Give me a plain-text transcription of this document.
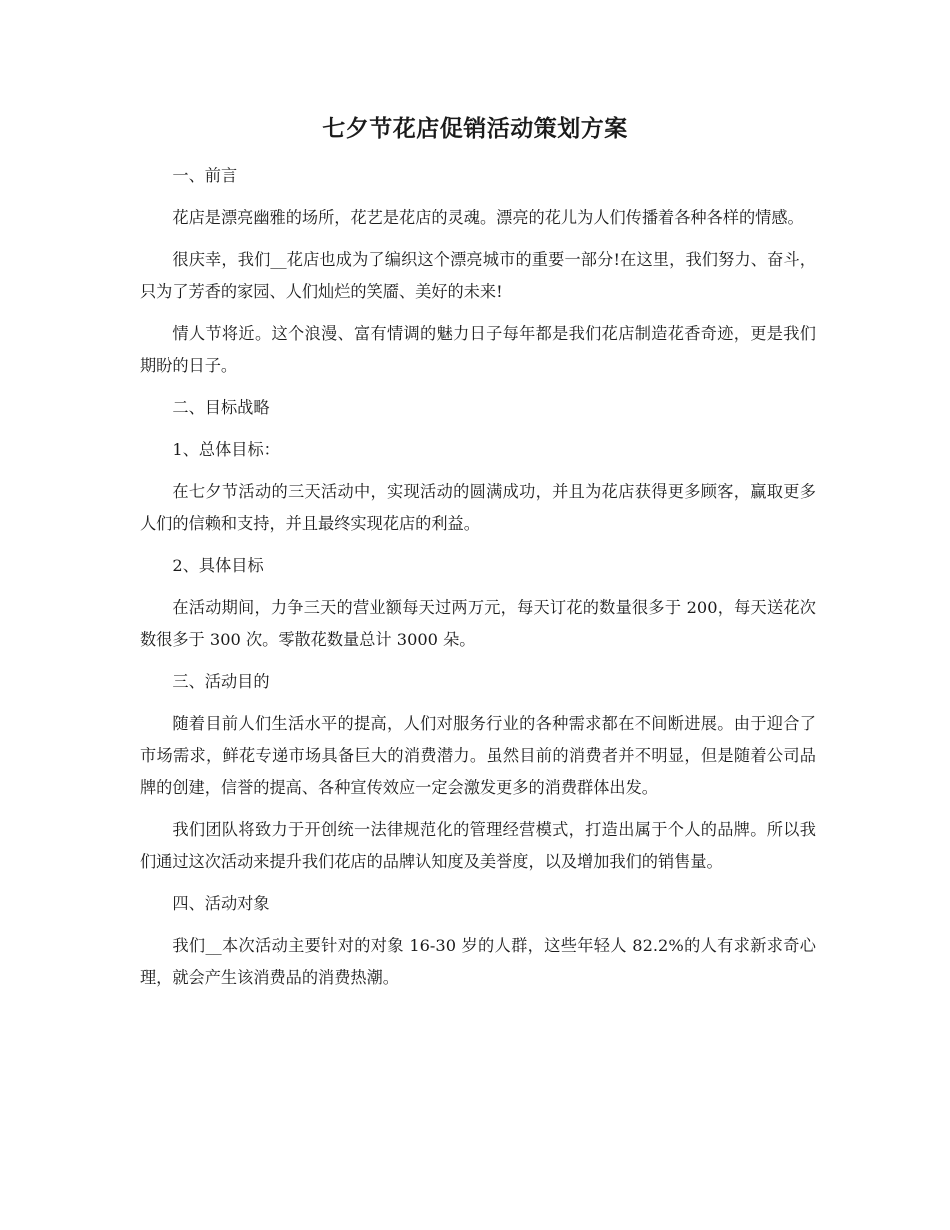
七夕节花店促销活动策划方案
一、前言
花店是漂亮幽雅的场所，花艺是花店的灵魂。漂亮的花儿为人们传播着各种各样的情感。
很庆幸，我们__花店也成为了编织这个漂亮城市的重要一部分!在这里，我们努力、奋斗，只为了芳香的家园、人们灿烂的笑靥、美好的未来!
情人节将近。这个浪漫、富有情调的魅力日子每年都是我们花店制造花香奇迹，更是我们期盼的日子。
二、目标战略
1、总体目标：
在七夕节活动的三天活动中，实现活动的圆满成功，并且为花店获得更多顾客，赢取更多人们的信赖和支持，并且最终实现花店的利益。
2、具体目标
在活动期间，力争三天的营业额每天过两万元，每天订花的数量很多于 200，每天送花次数很多于 300 次。零散花数量总计 3000 朵。
三、活动目的
随着目前人们生活水平的提高，人们对服务行业的各种需求都在不间断进展。由于迎合了市场需求，鲜花专递市场具备巨大的消费潜力。虽然目前的消费者并不明显，但是随着公司品牌的创建，信誉的提高、各种宣传效应一定会激发更多的消费群体出发。
我们团队将致力于开创统一法律规范化的管理经营模式，打造出属于个人的品牌。所以我们通过这次活动来提升我们花店的品牌认知度及美誉度，以及增加我们的销售量。
四、活动对象
我们__本次活动主要针对的对象 16-30 岁的人群，这些年轻人 82.2%的人有求新求奇心理，就会产生该消费品的消费热潮。
